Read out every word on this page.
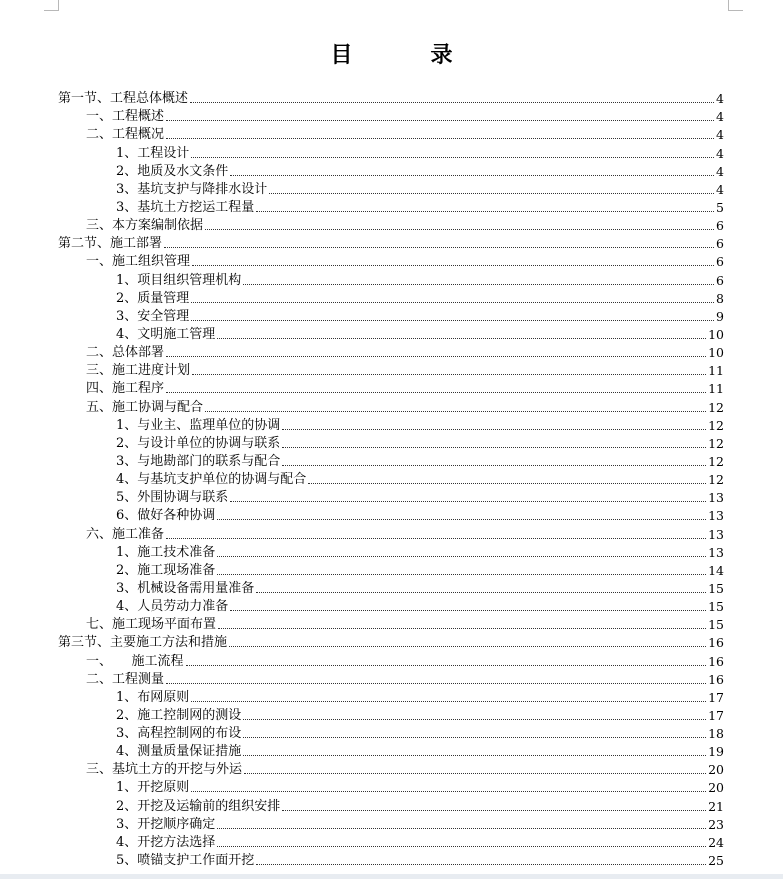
目　录
第一节、工程总体概述	4
一、工程概述	4
二、工程概况	4
1、工程设计	4
2、地质及水文条件	4
3、基坑支护与降排水设计	4
3、基坑土方挖运工程量	5
三、本方案编制依据	6
第二节、施工部署	6
一、施工组织管理	6
1、项目组织管理机构	6
2、质量管理	8
3、安全管理	9
4、文明施工管理	10
二、总体部署	10
三、施工进度计划	11
四、施工程序	11
五、施工协调与配合	12
1、与业主、监理单位的协调	12
2、与设计单位的协调与联系	12
3、与地勘部门的联系与配合	12
4、与基坑支护单位的协调与配合	12
5、外围协调与联系	13
6、做好各种协调	13
六、施工准备	13
1、施工技术准备	13
2、施工现场准备	14
3、机械设备需用量准备	15
4、人员劳动力准备	15
七、施工现场平面布置	15
第三节、主要施工方法和措施	16
一、　　施工流程	16
二、工程测量	16
1、布网原则	17
2、施工控制网的测设	17
3、高程控制网的布设	18
4、测量质量保证措施	19
三、基坑土方的开挖与外运	20
1、开挖原则	20
2、开挖及运输前的组织安排	21
3、开挖顺序确定	23
4、开挖方法选择	24
5、喷锚支护工作面开挖	25
